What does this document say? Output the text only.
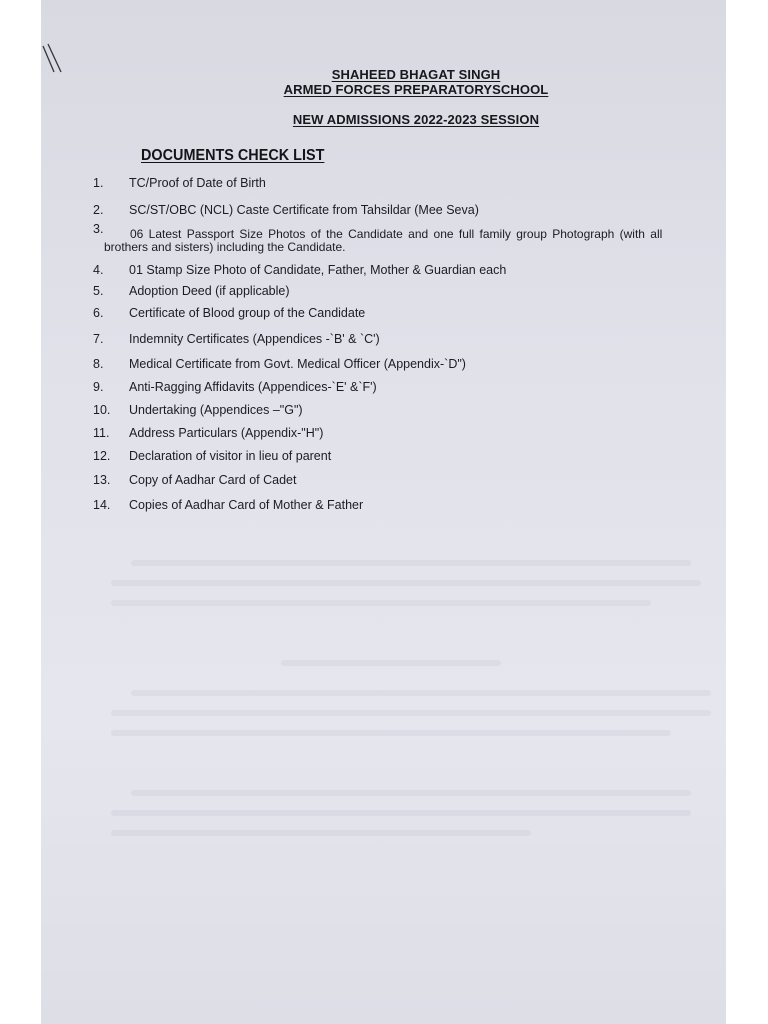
SHAHEED BHAGAT SINGH
ARMED FORCES PREPARATORYSCHOOL
NEW ADMISSIONS 2022-2023 SESSION
DOCUMENTS CHECK LIST
1.	TC/Proof of Date of Birth
2.	SC/ST/OBC (NCL) Caste Certificate from Tahsildar (Mee Seva)
3.	06 Latest Passport Size Photos of the Candidate and one full family group Photograph (with all
brothers and sisters) including the Candidate.
4.	01 Stamp Size Photo of Candidate, Father, Mother & Guardian each
5.	Adoption Deed (if applicable)
6.	Certificate of Blood group of the Candidate
7.	Indemnity Certificates (Appendices -`B' & `C')
8.	Medical Certificate from Govt. Medical Officer (Appendix-`D")
9.	Anti-Ragging Affidavits (Appendices-`E' &`F')
10.	Undertaking (Appendices –"G")
11.	Address Particulars (Appendix-"H")
12.	Declaration of visitor in lieu of parent
13.	Copy of Aadhar Card of Cadet
14.	Copies of Aadhar Card of Mother & Father
